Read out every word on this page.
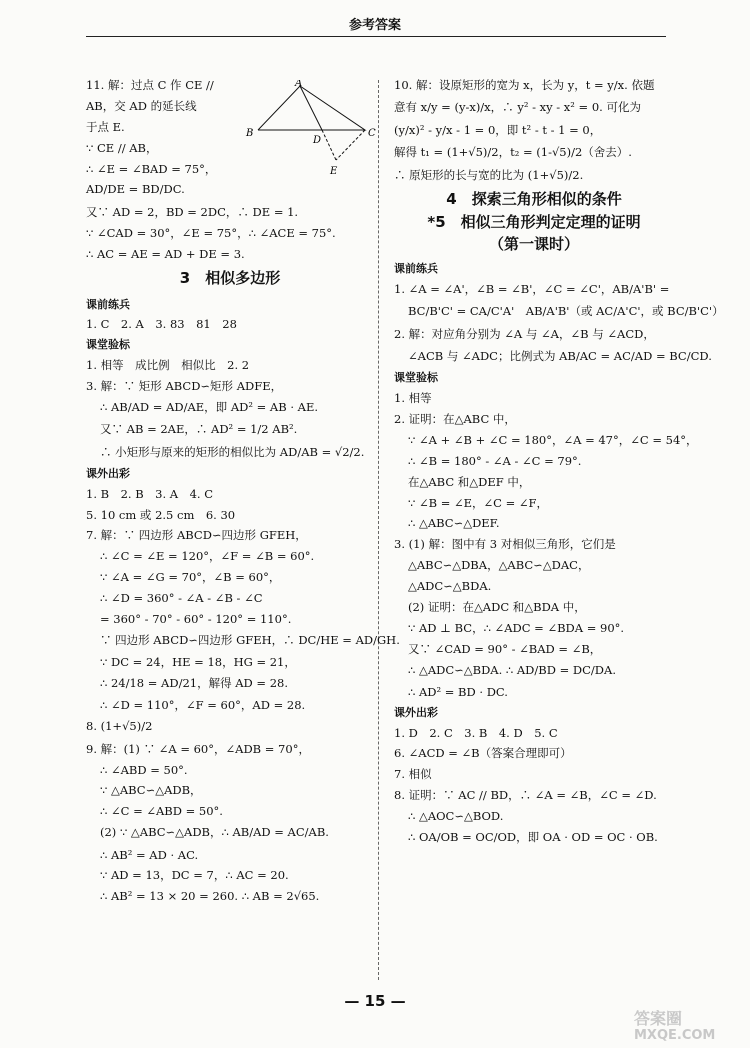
参考答案
A
B	C
D
E
11. 解：过点 C 作 CE //
AB，交 AD 的延长线
于点 E.
∵ CE // AB，
∴ ∠E = ∠BAD = 75°，
AD/DE = BD/DC.
又∵ AD = 2，BD = 2DC，∴ DE = 1.
∵ ∠CAD = 30°，∠E = 75°，∴ ∠ACE = 75°.
∴ AC = AE = AD + DE = 3.
3　相似多边形
课前练兵
1. C　2. A　3. 83　81　28
课堂验标
1. 相等　成比例　相似比　2. 2
3. 解：∵ 矩形 ABCD∽矩形 ADFE，
∴ AB/AD = AD/AE，即 AD² = AB · AE.
又∵ AB = 2AE，∴ AD² = 1/2 AB².
∴ 小矩形与原来的矩形的相似比为 AD/AB = √2/2.
课外出彩
1. B　2. B　3. A　4. C
5. 10 cm 或 2.5 cm　6. 30
7. 解：∵ 四边形 ABCD∽四边形 GFEH，
∴ ∠C = ∠E = 120°，∠F = ∠B = 60°.
∵ ∠A = ∠G = 70°，∠B = 60°，
∴ ∠D = 360° - ∠A - ∠B - ∠C
= 360° - 70° - 60° - 120° = 110°.
∵ 四边形 ABCD∽四边形 GFEH，∴ DC/HE = AD/GH.
∵ DC = 24，HE = 18，HG = 21，
∴ 24/18 = AD/21，解得 AD = 28.
∴ ∠D = 110°，∠F = 60°，AD = 28.
8. (1+√5)/2
9. 解：(1) ∵ ∠A = 60°，∠ADB = 70°，
∴ ∠ABD = 50°.
∵ △ABC∽△ADB，
∴ ∠C = ∠ABD = 50°.
(2) ∵ △ABC∽△ADB，∴ AB/AD = AC/AB.
∴ AB² = AD · AC.
∵ AD = 13，DC = 7，∴ AC = 20.
∴ AB² = 13 × 20 = 260. ∴ AB = 2√65.
10. 解：设原矩形的宽为 x，长为 y，t = y/x. 依题
意有 x/y = (y-x)/x，∴ y² - xy - x² = 0. 可化为
(y/x)² - y/x - 1 = 0，即 t² - t - 1 = 0，
解得 t₁ = (1+√5)/2，t₂ = (1-√5)/2（舍去）.
∴ 原矩形的长与宽的比为 (1+√5)/2.
4　探索三角形相似的条件
*5　相似三角形判定定理的证明
（第一课时）
课前练兵
1. ∠A = ∠A'，∠B = ∠B'，∠C = ∠C'，AB/A'B' =
BC/B'C' = CA/C'A'　AB/A'B'（或 AC/A'C'，或 BC/B'C'）
2. 解：对应角分别为 ∠A 与 ∠A，∠B 与 ∠ACD，
∠ACB 与 ∠ADC；比例式为 AB/AC = AC/AD = BC/CD.
课堂验标
1. 相等
2. 证明：在△ABC 中，
∵ ∠A + ∠B + ∠C = 180°，∠A = 47°，∠C = 54°，
∴ ∠B = 180° - ∠A - ∠C = 79°.
在△ABC 和△DEF 中，
∵ ∠B = ∠E，∠C = ∠F，
∴ △ABC∽△DEF.
3. (1) 解：图中有 3 对相似三角形，它们是
△ABC∽△DBA，△ABC∽△DAC，
△ADC∽△BDA.
(2) 证明：在△ADC 和△BDA 中，
∵ AD ⊥ BC，∴ ∠ADC = ∠BDA = 90°.
又∵ ∠CAD = 90° - ∠BAD = ∠B，
∴ △ADC∽△BDA. ∴ AD/BD = DC/DA.
∴ AD² = BD · DC.
课外出彩
1. D　2. C　3. B　4. D　5. C
6. ∠ACD = ∠B（答案合理即可）
7. 相似
8. 证明：∵ AC // BD，∴ ∠A = ∠B，∠C = ∠D.
∴ △AOC∽△BOD.
∴ OA/OB = OC/OD，即 OA · OD = OC · OB.
— 15 —
答案圈
MXQE.COM
